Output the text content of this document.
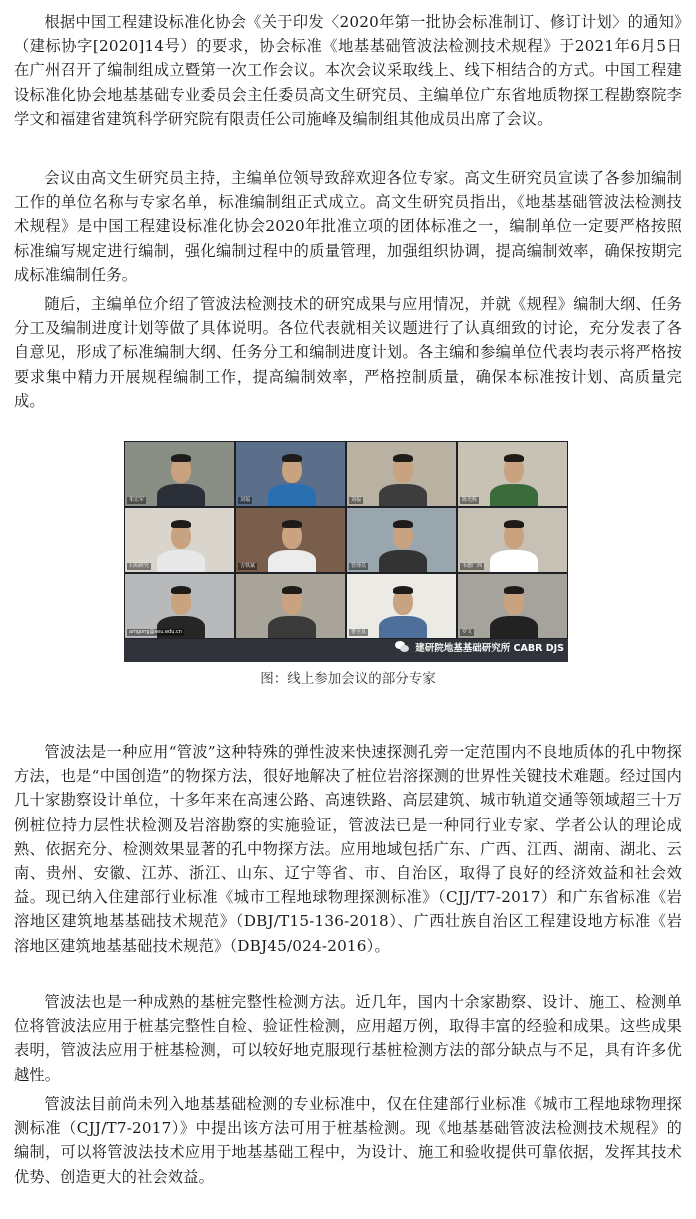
根据中国工程建设标准化协会《关于印发〈2020年第一批协会标准制订、修订计划〉的通知》（建标协字[2020]14号）的要求，协会标准《地基基础管波法检测技术规程》于2021年6月5日在广州召开了编制组成立暨第一次工作会议。本次会议采取线上、线下相结合的方式。中国工程建设标准化协会地基基础专业委员会主任委员高文生研究员、主编单位广东省地质物探工程勘察院李学文和福建省建筑科学研究院有限责任公司施峰及编制组其他成员出席了会议。

会议由高文生研究员主持，主编单位领导致辞欢迎各位专家。高文生研究员宣读了各参加编制工作的单位名称与专家名单，标准编制组正式成立。高文生研究员指出，《地基基础管波法检测技术规程》是中国工程建设标准化协会2020年批准立项的团体标准之一，编制单位一定要严格按照标准编写规定进行编制，强化编制过程中的质量管理，加强组织协调，提高编制效率，确保按期完成标准编制任务。

随后，主编单位介绍了管波法检测技术的研究成果与应用情况，并就《规程》编制大纲、任务分工及编制进度计划等做了具体说明。各位代表就相关议题进行了认真细致的讨论，充分发表了各自意见，形成了标准编制大纲、任务分工和编制进度计划。各主编和参编单位代表均表示将严格按要求集中精力开展规程编制工作，提高编制效率，严格控制质量，确保本标准按计划、高质量完成。

罗文
曹全良
amgong@seu.edu.cn
韦德厂西
管理员
吉铁斌
石明研究
陈光辉
刘福
刘福
朱宏军
建研院地基基础研究所 CABR DJS
图：线上参加会议的部分专家

管波法是一种应用“管波”这种特殊的弹性波来快速探测孔旁一定范围内不良地质体的孔中物探方法，也是“中国创造”的物探方法，很好地解决了桩位岩溶探测的世界性关键技术难题。经过国内几十家勘察设计单位，十多年来在高速公路、高速铁路、高层建筑、城市轨道交通等领域超三十万例桩位持力层性状检测及岩溶勘察的实施验证，管波法已是一种同行业专家、学者公认的理论成熟、依据充分、检测效果显著的孔中物探方法。应用地域包括广东、广西、江西、湖南、湖北、云南、贵州、安徽、江苏、浙江、山东、辽宁等省、市、自治区，取得了良好的经济效益和社会效益。现已纳入住建部行业标准《城市工程地球物理探测标准》（CJJ/T7-2017）和广东省标准《岩溶地区建筑地基基础技术规范》（DBJ/T15-136-2018）、广西壮族自治区工程建设地方标准《岩溶地区建筑地基基础技术规范》（DBJ45/024-2016）。

管波法也是一种成熟的基桩完整性检测方法。近几年，国内十余家勘察、设计、施工、检测单位将管波法应用于桩基完整性自检、验证性检测，应用超万例，取得丰富的经验和成果。这些成果表明，管波法应用于桩基检测，可以较好地克服现行基桩检测方法的部分缺点与不足，具有许多优越性。

管波法目前尚未列入地基基础检测的专业标准中，仅在住建部行业标准《城市工程地球物理探测标准（CJJ/T7-2017）》中提出该方法可用于桩基检测。现《地基基础管波法检测技术规程》的编制，可以将管波法技术应用于地基基础工程中，为设计、施工和验收提供可靠依据，发挥其技术优势、创造更大的社会效益。
